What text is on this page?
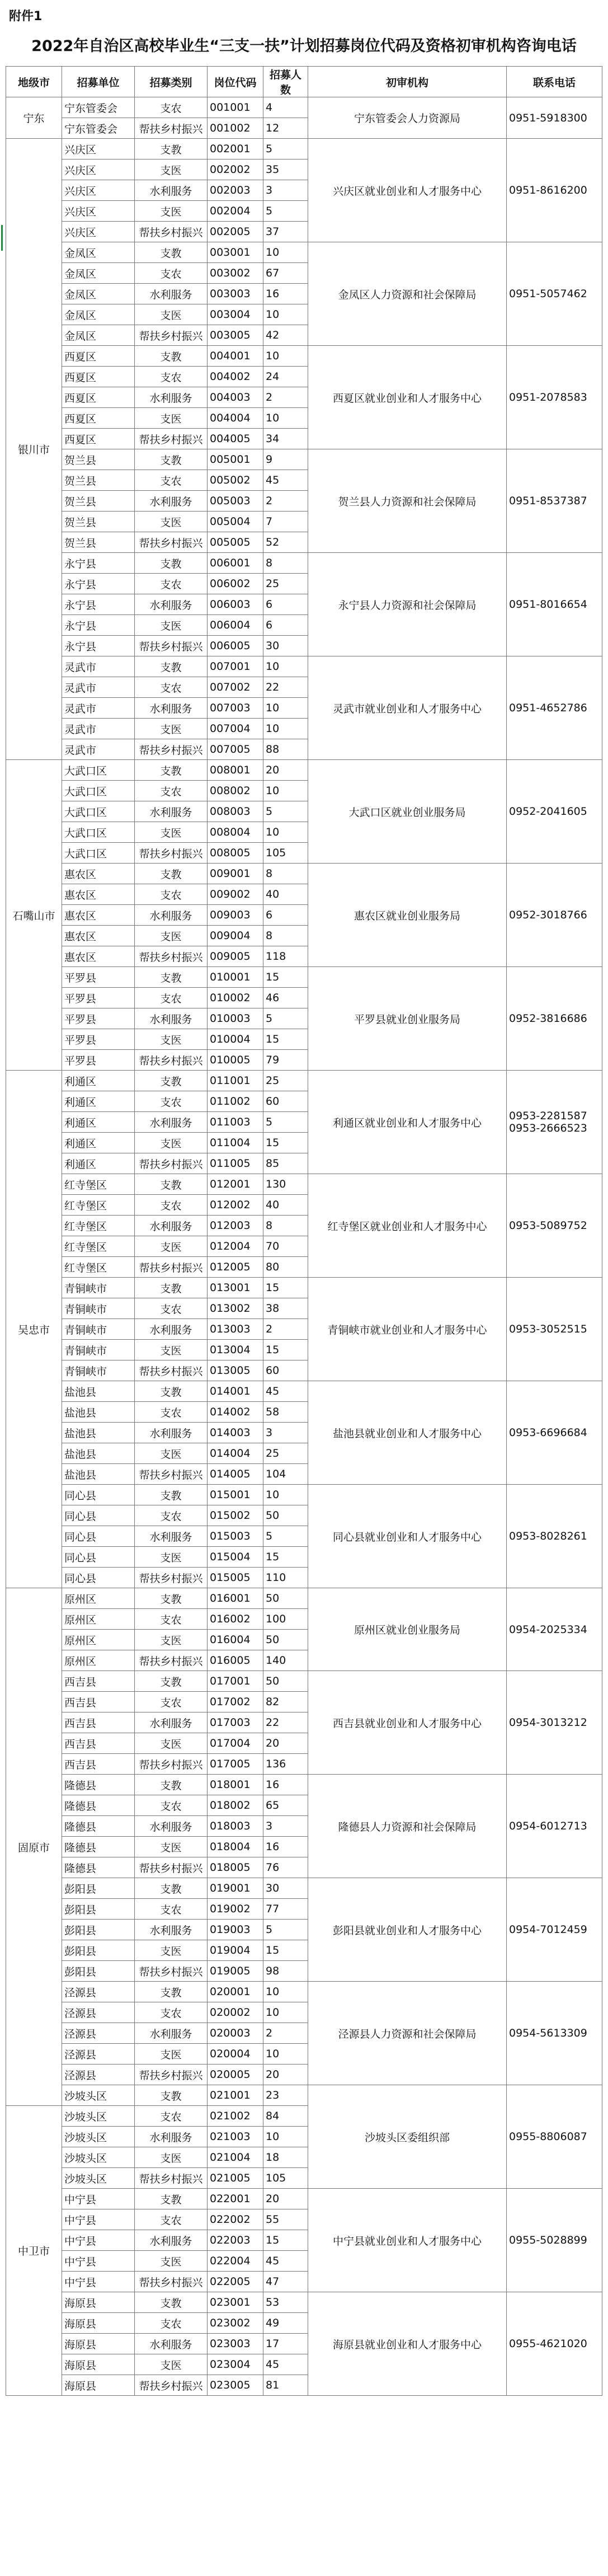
附件1
2022年自治区高校毕业生“三支一扶”计划招募岗位代码及资格初审机构咨询电话
地级市	招募单位	招募类别	岗位代码	招募人数	初审机构	联系电话
宁东	宁东管委会	支农	001001	4	宁东管委会人力资源局	0951-5918300
	宁东管委会	帮扶乡村振兴	001002	12		
银川市	兴庆区	支教	002001	5	兴庆区就业创业和人才服务中心	0951-8616200
	兴庆区	支医	002002	35		
	兴庆区	水利服务	002003	3		
	兴庆区	支医	002004	5		
	兴庆区	帮扶乡村振兴	002005	37		
	金凤区	支教	003001	10	金凤区人力资源和社会保障局	0951-5057462
	金凤区	支农	003002	67		
	金凤区	水利服务	003003	16		
	金凤区	支医	003004	10		
	金凤区	帮扶乡村振兴	003005	42		
	西夏区	支教	004001	10	西夏区就业创业和人才服务中心	0951-2078583
	西夏区	支农	004002	24		
	西夏区	水利服务	004003	2		
	西夏区	支医	004004	10		
	西夏区	帮扶乡村振兴	004005	34		
	贺兰县	支教	005001	9	贺兰县人力资源和社会保障局	0951-8537387
	贺兰县	支农	005002	45		
	贺兰县	水利服务	005003	2		
	贺兰县	支医	005004	7		
	贺兰县	帮扶乡村振兴	005005	52		
	永宁县	支教	006001	8	永宁县人力资源和社会保障局	0951-8016654
	永宁县	支农	006002	25		
	永宁县	水利服务	006003	6		
	永宁县	支医	006004	6		
	永宁县	帮扶乡村振兴	006005	30		
	灵武市	支教	007001	10	灵武市就业创业和人才服务中心	0951-4652786
	灵武市	支农	007002	22		
	灵武市	水利服务	007003	10		
	灵武市	支医	007004	10		
	灵武市	帮扶乡村振兴	007005	88		
石嘴山市	大武口区	支教	008001	20	大武口区就业创业服务局	0952-2041605
	大武口区	支农	008002	10		
	大武口区	水利服务	008003	5		
	大武口区	支医	008004	10		
	大武口区	帮扶乡村振兴	008005	105		
	惠农区	支教	009001	8	惠农区就业创业服务局	0952-3018766
	惠农区	支农	009002	40		
	惠农区	水利服务	009003	6		
	惠农区	支医	009004	8		
	惠农区	帮扶乡村振兴	009005	118		
	平罗县	支教	010001	15	平罗县就业创业服务局	0952-3816686
	平罗县	支农	010002	46		
	平罗县	水利服务	010003	5		
	平罗县	支医	010004	15		
	平罗县	帮扶乡村振兴	010005	79		
吴忠市	利通区	支教	011001	25	利通区就业创业和人才服务中心	0953-2281587
0953-2666523
	利通区	支农	011002	60		
	利通区	水利服务	011003	5		
	利通区	支医	011004	15		
	利通区	帮扶乡村振兴	011005	85		
	红寺堡区	支教	012001	130	红寺堡区就业创业和人才服务中心	0953-5089752
	红寺堡区	支农	012002	40		
	红寺堡区	水利服务	012003	8		
	红寺堡区	支医	012004	70		
	红寺堡区	帮扶乡村振兴	012005	80		
	青铜峡市	支教	013001	15	青铜峡市就业创业和人才服务中心	0953-3052515
	青铜峡市	支农	013002	38		
	青铜峡市	水利服务	013003	2		
	青铜峡市	支医	013004	15		
	青铜峡市	帮扶乡村振兴	013005	60		
	盐池县	支教	014001	45	盐池县就业创业和人才服务中心	0953-6696684
	盐池县	支农	014002	58		
	盐池县	水利服务	014003	3		
	盐池县	支医	014004	25		
	盐池县	帮扶乡村振兴	014005	104		
	同心县	支教	015001	10	同心县就业创业和人才服务中心	0953-8028261
	同心县	支农	015002	50		
	同心县	水利服务	015003	5		
	同心县	支医	015004	15		
	同心县	帮扶乡村振兴	015005	110		
固原市	原州区	支教	016001	50	原州区就业创业服务局	0954-2025334
	原州区	支农	016002	100		
	原州区	支医	016004	50		
	原州区	帮扶乡村振兴	016005	140		
	西吉县	支教	017001	50	西吉县就业创业和人才服务中心	0954-3013212
	西吉县	支农	017002	82		
	西吉县	水利服务	017003	22		
	西吉县	支医	017004	20		
	西吉县	帮扶乡村振兴	017005	136		
	隆德县	支教	018001	16	隆德县人力资源和社会保障局	0954-6012713
	隆德县	支农	018002	65		
	隆德县	水利服务	018003	3		
	隆德县	支医	018004	16		
	隆德县	帮扶乡村振兴	018005	76		
	彭阳县	支教	019001	30	彭阳县就业创业和人才服务中心	0954-7012459
	彭阳县	支农	019002	77		
	彭阳县	水利服务	019003	5		
	彭阳县	支医	019004	15		
	彭阳县	帮扶乡村振兴	019005	98		
	泾源县	支教	020001	10	泾源县人力资源和社会保障局	0954-5613309
	泾源县	支农	020002	10		
	泾源县	水利服务	020003	2		
	泾源县	支医	020004	10		
	泾源县	帮扶乡村振兴	020005	20		
	沙坡头区	支教	021001	23	沙坡头区委组织部	0955-8806087
中卫市	沙坡头区	支农	021002	84		
	沙坡头区	水利服务	021003	10		
	沙坡头区	支医	021004	18		
	沙坡头区	帮扶乡村振兴	021005	105		
	中宁县	支教	022001	20	中宁县就业创业和人才服务中心	0955-5028899
	中宁县	支农	022002	55		
	中宁县	水利服务	022003	15		
	中宁县	支医	022004	45		
	中宁县	帮扶乡村振兴	022005	47		
	海原县	支教	023001	53	海原县就业创业和人才服务中心	0955-4621020
	海原县	支农	023002	49		
	海原县	水利服务	023003	17		
	海原县	支医	023004	45		
	海原县	帮扶乡村振兴	023005	81		
